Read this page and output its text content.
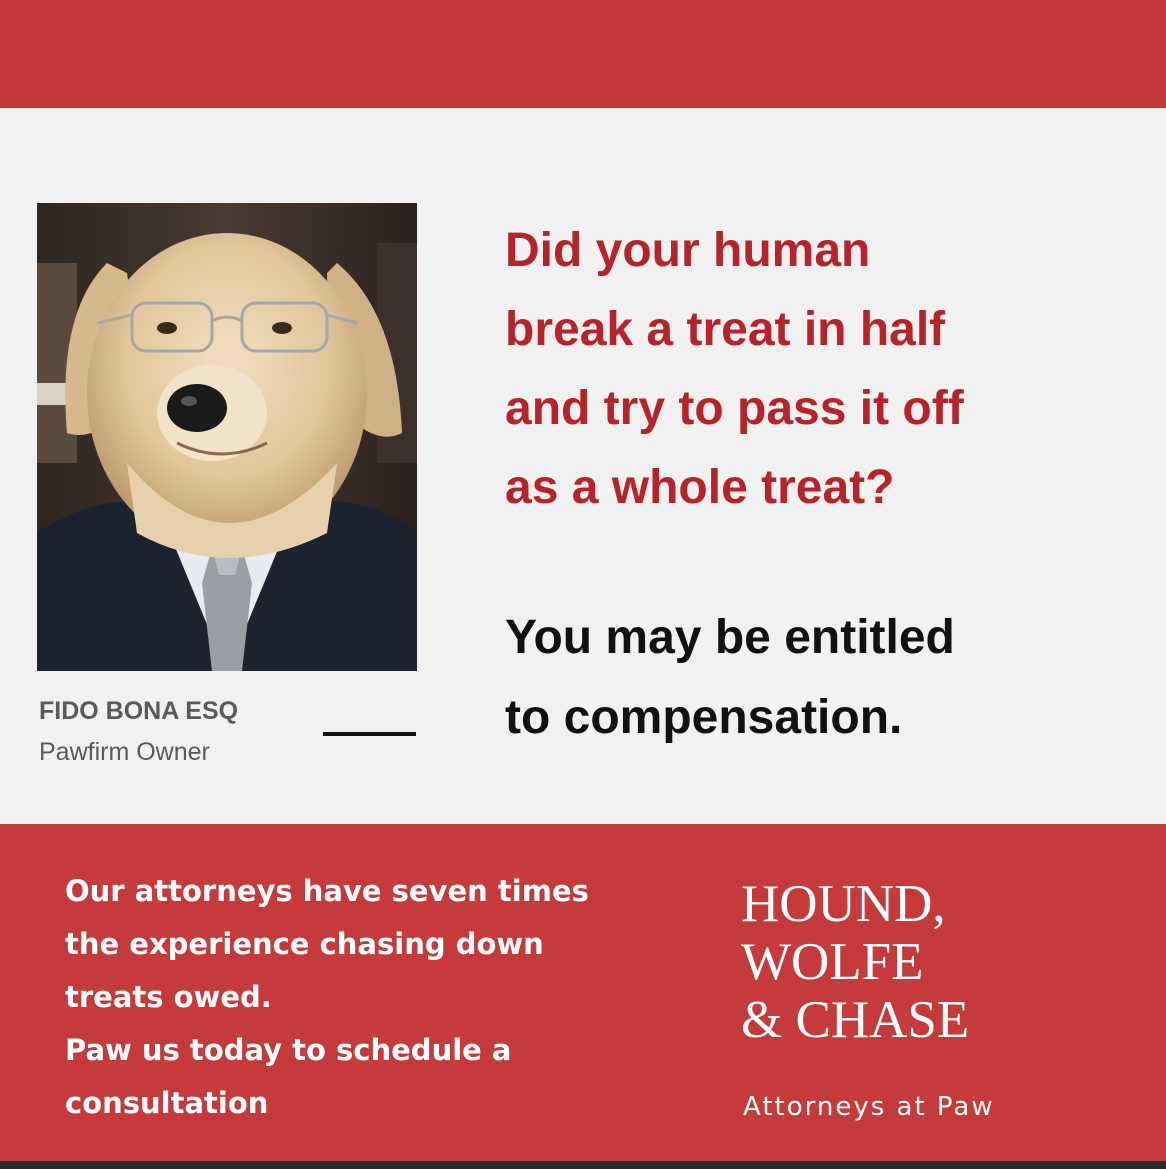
FIDO BONA ESQ
Pawfirm Owner
Did your human
break a treat in half
and try to pass it off
as a whole treat?
You may be entitled
to compensation.
Our attorneys have seven times
the experience chasing down
treats owed.
Paw us today to schedule a
consultation
HOUND,
WOLFE
& CHASE
Attorneys at Paw
